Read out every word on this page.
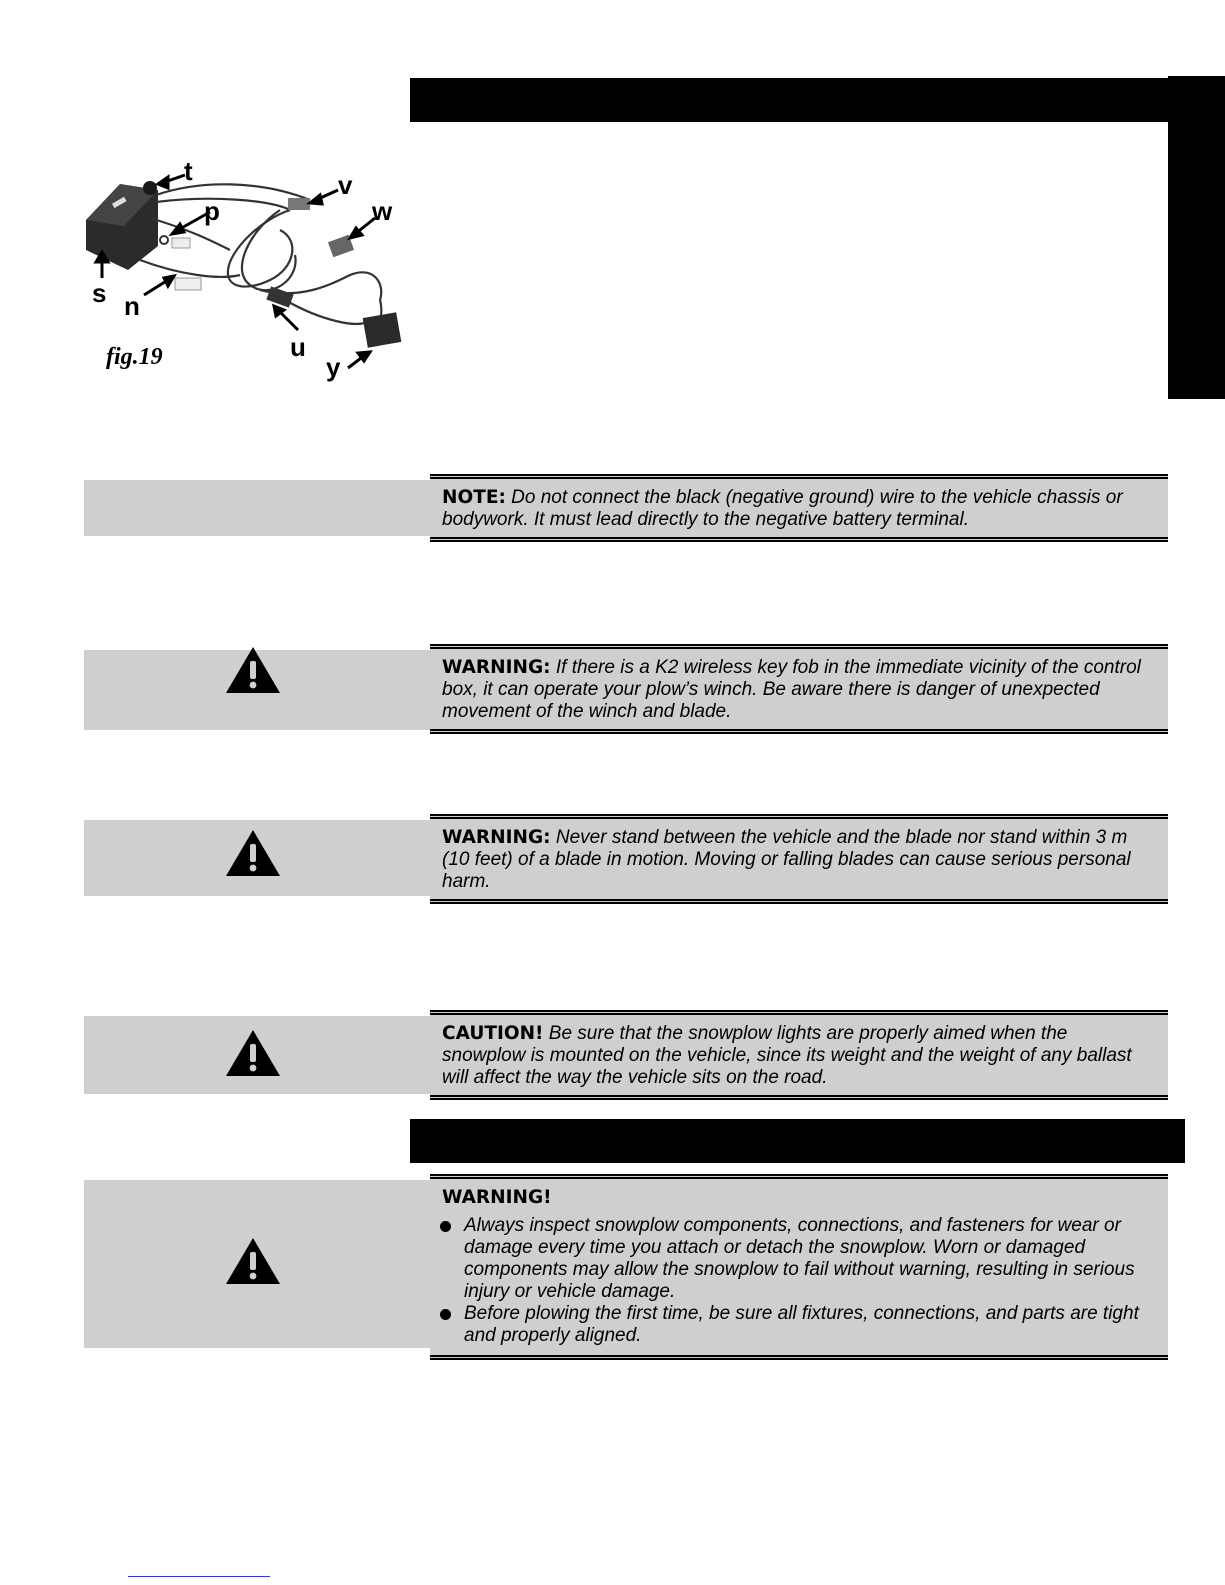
t
p
v
w
s n
u
y
fig.19
NOTE: Do not connect the black (negative ground) wire to the vehicle chassis or bodywork. It must lead directly to the negative battery terminal.
WARNING: If there is a K2 wireless key fob in the immediate vicinity of the control box, it can operate your plow’s winch. Be aware there is danger of unexpected movement of the winch and blade.
WARNING: Never stand between the vehicle and the blade nor stand within 3 m (10 feet) of a blade in motion. Moving or falling blades can cause serious personal harm.
CAUTION! Be sure that the snowplow lights are properly aimed when the snowplow is mounted on the vehicle, since its weight and the weight of any ballast will affect the way the vehicle sits on the road.
WARNING!
Always inspect snowplow components, connections, and fasteners for wear or damage every time you attach or detach the snowplow. Worn or damaged components may allow the snowplow to fail without warning, resulting in serious injury or vehicle damage.
Before plowing the first time, be sure all fixtures, connections, and parts are tight and properly aligned.
